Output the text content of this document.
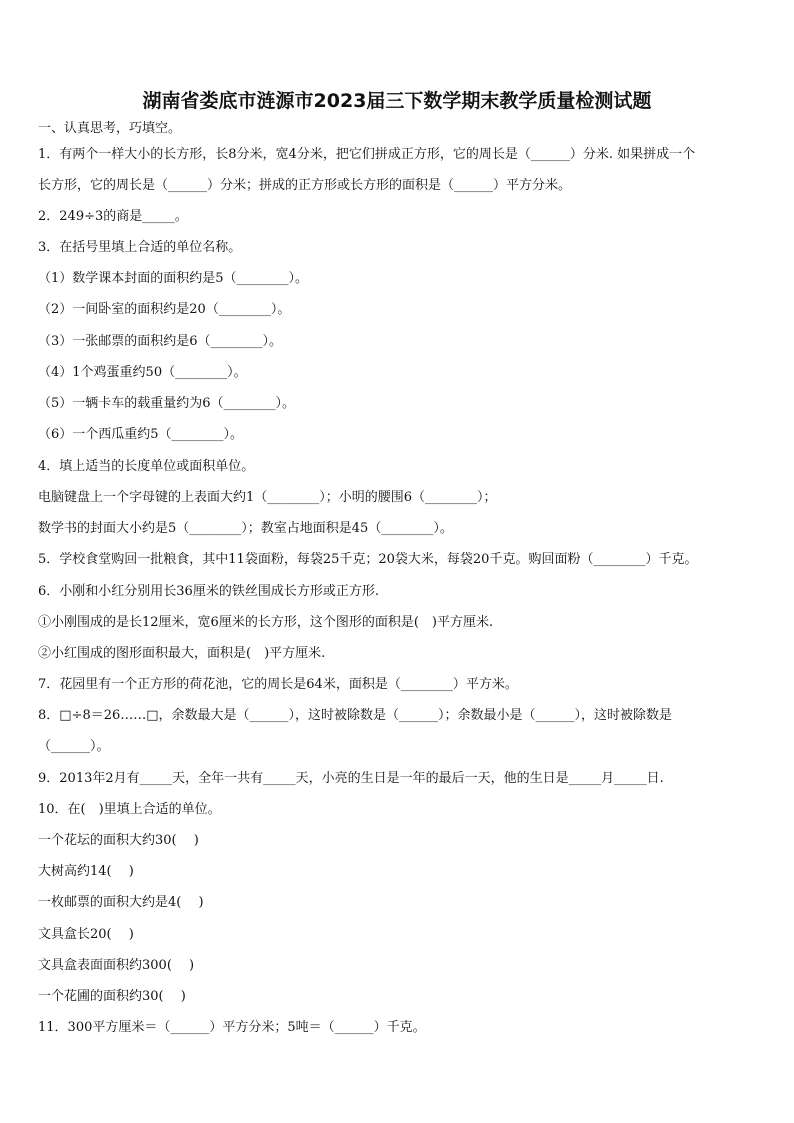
湖南省娄底市涟源市2023届三下数学期末教学质量检测试题
一、认真思考，巧填空。
1．有两个一样大小的长方形，长8分米，宽4分米，把它们拼成正方形，它的周长是（______）分米. 如果拼成一个
长方形，它的周长是（______）分米；拼成的正方形或长方形的面积是（______）平方分米。
2．249÷3的商是_____。
3．在括号里填上合适的单位名称。
（1）数学课本封面的面积约是5（________）。
（2）一间卧室的面积约是20（________）。
（3）一张邮票的面积约是6（________）。
（4）1个鸡蛋重约50（________）。
（5）一辆卡车的载重量约为6（________）。
（6）一个西瓜重约5（________）。
4．填上适当的长度单位或面积单位。
电脑键盘上一个字母键的上表面大约1（________）；小明的腰围6（________）；
数学书的封面大小约是5（________）；教室占地面积是45（________）。
5．学校食堂购回一批粮食，其中11袋面粉，每袋25千克；20袋大米，每袋20千克。购回面粉（________）千克。
6．小刚和小红分别用长36厘米的铁丝围成长方形或正方形.
①小刚围成的是长12厘米，宽6厘米的长方形，这个图形的面积是(　)平方厘米.
②小红围成的图形面积最大，面积是(　)平方厘米.
7．花园里有一个正方形的荷花池，它的周长是64米，面积是（________）平方米。
8．□÷8＝26……□，余数最大是（______），这时被除数是（______）；余数最小是（______），这时被除数是
（______）。
9．2013年2月有_____天，全年一共有_____天，小亮的生日是一年的最后一天，他的生日是_____月_____日.
10．在(　)里填上合适的单位。
一个花坛的面积大约30(　 )
大树高约14(　 )
一枚邮票的面积大约是4(　 )
文具盒长20(　 )
文具盒表面面积约300(　 )
一个花圃的面积约30(　 )
11．300平方厘米＝（______）平方分米；5吨＝（______）千克。
